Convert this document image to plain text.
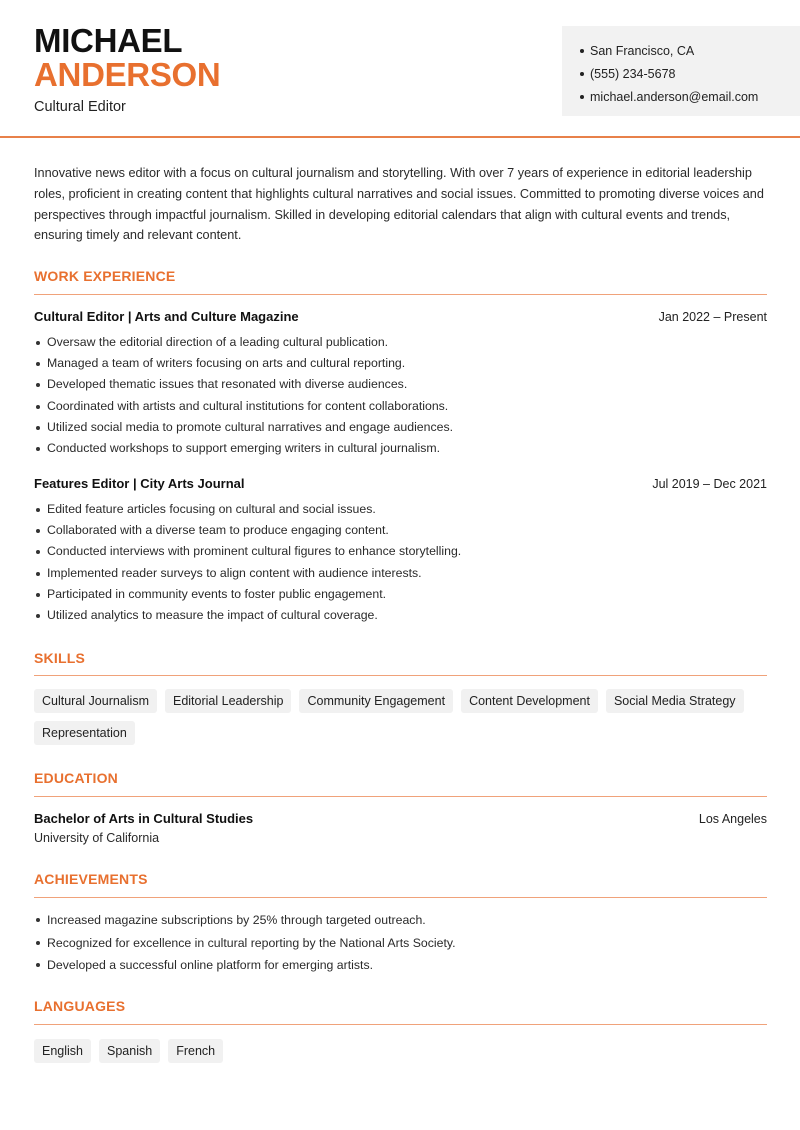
MICHAEL
ANDERSON
Cultural Editor
San Francisco, CA
(555) 234-5678
michael.anderson@email.com

Innovative news editor with a focus on cultural journalism and storytelling. With over 7 years of experience in editorial leadership roles, proficient in creating content that highlights cultural narratives and social issues. Committed to promoting diverse voices and perspectives through impactful journalism. Skilled in developing editorial calendars that align with cultural events and trends, ensuring timely and relevant content.

WORK EXPERIENCE
Cultural Editor | Arts and Culture Magazine	Jan 2022 – Present
Oversaw the editorial direction of a leading cultural publication.
Managed a team of writers focusing on arts and cultural reporting.
Developed thematic issues that resonated with diverse audiences.
Coordinated with artists and cultural institutions for content collaborations.
Utilized social media to promote cultural narratives and engage audiences.
Conducted workshops to support emerging writers in cultural journalism.
Features Editor | City Arts Journal	Jul 2019 – Dec 2021
Edited feature articles focusing on cultural and social issues.
Collaborated with a diverse team to produce engaging content.
Conducted interviews with prominent cultural figures to enhance storytelling.
Implemented reader surveys to align content with audience interests.
Participated in community events to foster public engagement.
Utilized analytics to measure the impact of cultural coverage.
SKILLS
Cultural Journalism	Editorial Leadership	Community Engagement	Content Development	Social Media Strategy
Representation
EDUCATION
Bachelor of Arts in Cultural Studies	Los Angeles
University of California
ACHIEVEMENTS
Increased magazine subscriptions by 25% through targeted outreach.
Recognized for excellence in cultural reporting by the National Arts Society.
Developed a successful online platform for emerging artists.
LANGUAGES
English	Spanish	French
